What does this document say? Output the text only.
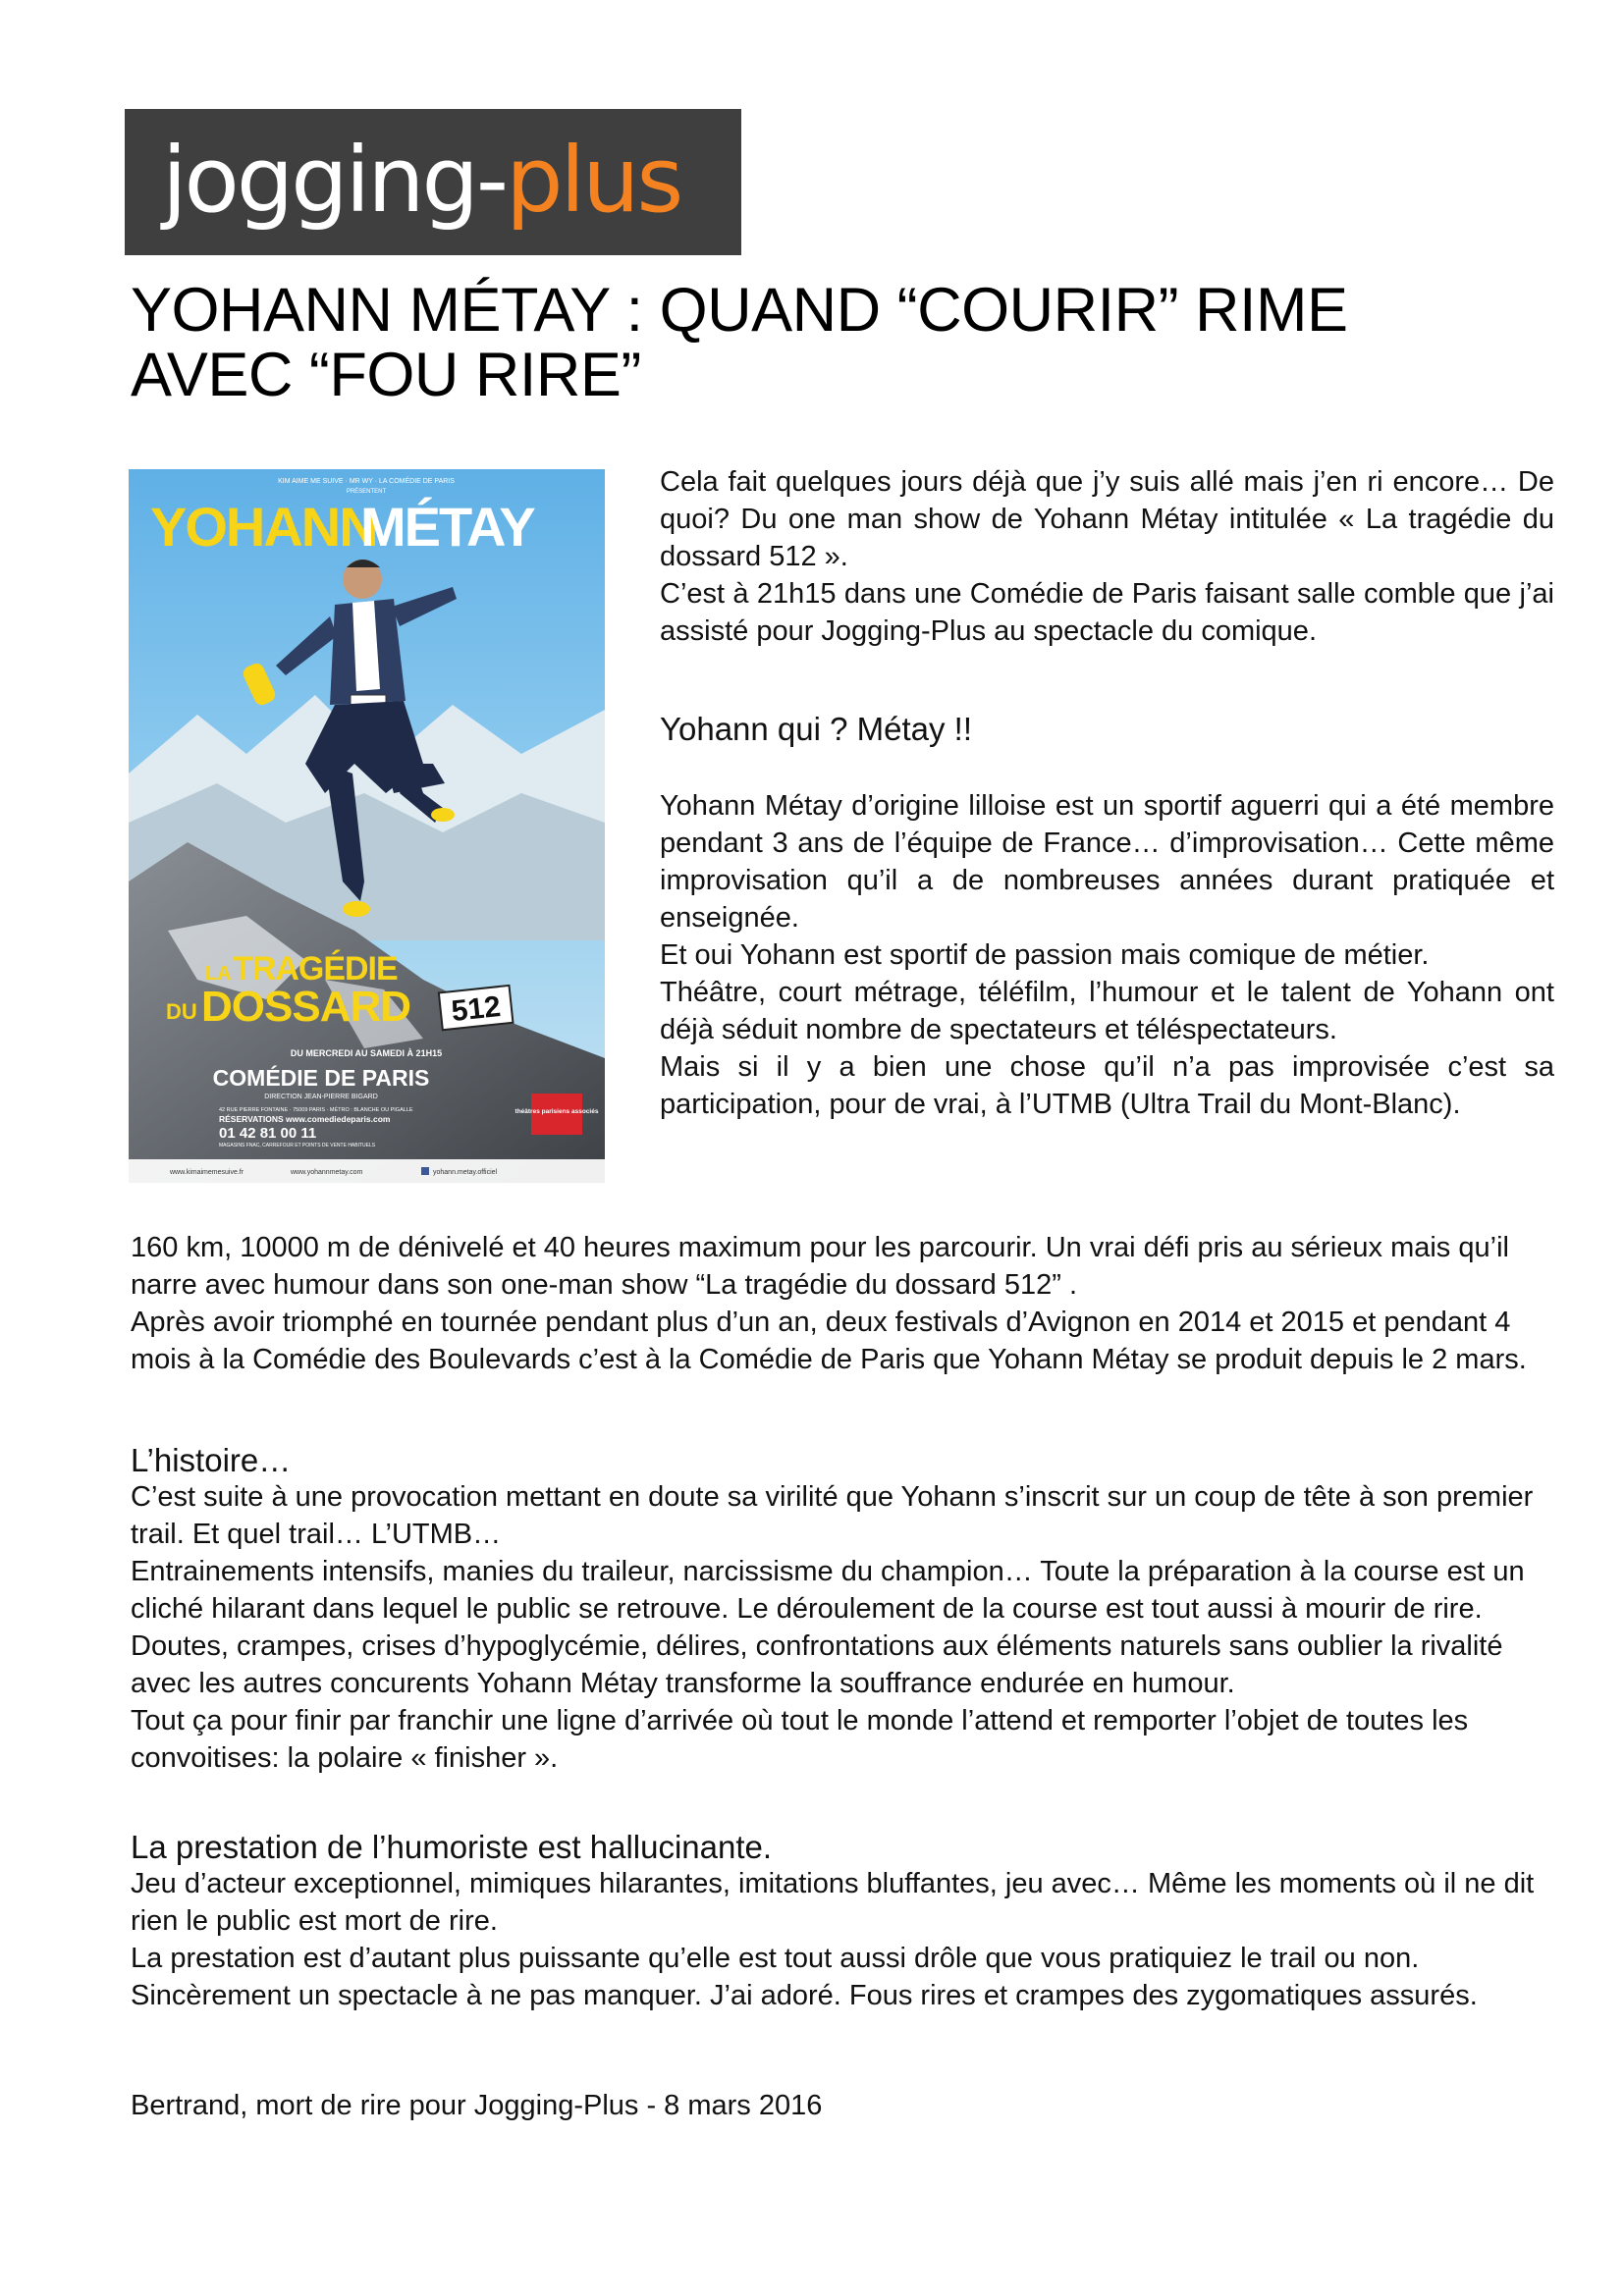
jogging-plus
YOHANN MÉTAY : QUAND “COURIR” RIME AVEC “FOU RIRE”
KIM AIME ME SUIVE · MR WY · LA COMÉDIE DE PARIS
PRÉSENTENT
YOHANN
MÉTAY
LA TRAGÉDIE
DU DOSSARD 512
DU MERCREDI AU SAMEDI À 21H15
COMÉDIE DE PARIS
DIRECTION JEAN-PIERRE BIGARD
42 RUE PIERRE FONTAINE · 75009 PARIS · MÉTRO : BLANCHE OU PIGALLE
RÉSERVATIONS www.comediedeparis.com
01 42 81 00 11
MAGASINS FNAC, CARREFOUR ET POINTS DE VENTE HABITUELS
théâtres parisiens associés
www.kimaimemesuive.fr	www.yohannmetay.com	yohann.metay.officiel
Cela fait quelques jours déjà que j’y suis allé mais j’en ri encore… De quoi? Du one man show de Yohann Métay intitulée « La tragédie du dossard 512 ».
C’est à 21h15 dans une Comédie de Paris faisant salle comble que j’ai assisté pour Jogging-Plus au spectacle du comique.
Yohann qui ? Métay !!
Yohann Métay d’origine lilloise est un sportif aguerri qui a été membre pendant 3 ans de l’équipe de France… d’improvisation… Cette même improvisation qu’il a de nombreuses années durant pratiquée et enseignée.
Et oui Yohann est sportif de passion mais comique de métier.
Théâtre, court métrage, téléfilm, l’humour et le talent de Yohann ont déjà séduit nombre de spectateurs et téléspectateurs.
Mais si il y a bien une chose qu’il n’a pas improvisée c’est sa participation, pour de vrai, à l’UTMB (Ultra Trail du Mont-Blanc).
160 km, 10000 m de dénivelé et 40 heures maximum pour les parcourir. Un vrai défi pris au sérieux mais qu’il narre avec humour dans son one-man show “La tragédie du dossard 512” .
Après avoir triomphé en tournée pendant plus d’un an, deux festivals d’Avignon en 2014 et 2015 et pendant 4 mois à la Comédie des Boulevards c’est à la Comédie de Paris que Yohann Métay se produit depuis le 2 mars.
L’histoire…
C’est suite à une provocation mettant en doute sa virilité que Yohann s’inscrit sur un coup de tête à son premier trail. Et quel trail… L’UTMB…
Entrainements intensifs, manies du traileur, narcissisme du champion… Toute la préparation à la course est un cliché hilarant dans lequel le public se retrouve. Le déroulement de la course est tout aussi à mourir de rire.
Doutes, crampes, crises d’hypoglycémie, délires, confrontations aux éléments naturels sans oublier la rivalité avec les autres concurents Yohann Métay transforme la souffrance endurée en humour.
Tout ça pour finir par franchir une ligne d’arrivée où tout le monde l’attend et remporter l’objet de toutes les convoitises: la polaire « finisher ».
La prestation de l’humoriste est hallucinante.
Jeu d’acteur exceptionnel, mimiques hilarantes, imitations bluffantes, jeu avec… Même les moments où il ne dit rien le public est mort de rire.
La prestation est d’autant plus puissante qu’elle est tout aussi drôle que vous pratiquiez le trail ou non.
Sincèrement un spectacle à ne pas manquer. J’ai adoré. Fous rires et crampes des zygomatiques assurés.

Bertrand, mort de rire pour Jogging-Plus - 8 mars 2016
